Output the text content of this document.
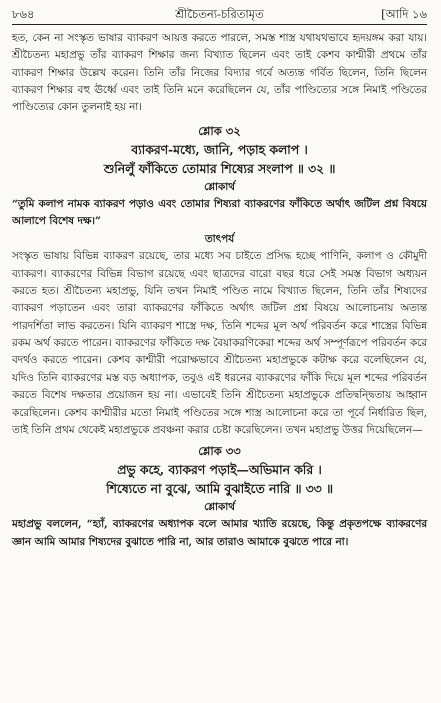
৮৬৪	শ্রীচৈতন্য-চরিতামৃত	[আদি ১৬

হত, কেন না সংস্কৃত ভাষার ব্যাকরণ আয়ত্ত করতে পারলে, সমস্ত শাস্ত্র যথাযথভাবে হৃদয়ঙ্গম করা যায়। শ্রীচৈতন্য মহাপ্রভু তাঁর ব্যাকরণ শিক্ষার জন্য বিখ্যাত ছিলেন এবং তাই কেশব কাশ্মীরী প্রথমে তাঁর ব্যাকরণ শিক্ষার উল্লেখ করেন। তিনি তাঁর নিজের বিদ্যার গর্বে অত্যন্ত গর্বিত ছিলেন, তিনি ছিলেন ব্যাকরণ শিক্ষার বহু ঊর্ধ্বে এবং তাই তিনি মনে করেছিলেন যে, তাঁর পাণ্ডিত্যের সঙ্গে নিমাই পণ্ডিতের পাণ্ডিত্যের কোন তুলনাই হয় না।

শ্লোক ৩২

ব্যাকরণ-মধ্যে, জানি, পড়াহ কলাপ ।

শুনিলুঁ ফাঁকিতে তোমার শিষ্যের সংলাপ ॥ ৩২ ॥

শ্লোকার্থ

“তুমি কলাপ নামক ব্যাকরণ পড়াও এবং তোমার শিষ্যরা ব্যাকরণের ফাঁকিতে অর্থাৎ জটিল প্রশ্ন বিষয়ে আলাপে বিশেষ দক্ষ।”

তাৎপর্য

সংস্কৃত ভাষায় বিভিন্ন ব্যাকরণ রয়েছে, তার মধ্যে সব চাইতে প্রসিদ্ধ হচ্ছে পাণিনি, কলাপ ও কৌমুদী ব্যাকরণ। ব্যাকরণের বিভিন্ন বিভাগ রয়েছে এবং ছাত্রদের বারো বছর ধরে সেই সমস্ত বিভাগ অধ্যয়ন করতে হত। শ্রীচৈতন্য মহাপ্রভু, যিনি তখন নিমাই পণ্ডিত নামে বিখ্যাত ছিলেন, তিনি তাঁর শিষ্যদের ব্যাকরণ পড়াতেন এবং তারা ব্যাকরণের ফাঁকিতে অর্থাৎ জটিল প্রশ্ন বিষয়ে আলোচনায় অত্যন্ত পারদর্শিতা লাভ করতেন। যিনি ব্যাকরণ শাস্ত্রে দক্ষ, তিনি শব্দের মূল অর্থ পরিবর্তন করে শাস্ত্রের বিভিন্ন রকম অর্থ করতে পারেন। ব্যাকরণের ফাঁকিতে দক্ষ বৈয়াকরণিকেরা শব্দের অর্থ সম্পূর্ণরূপে পরিবর্তন করে বদর্থও করতে পারেন। কেশব কাশ্মীরী পরোক্ষভাবে শ্রীচৈতন্য মহাপ্রভুকে কটাক্ষ করে বলেছিলেন যে, যদিও তিনি ব্যাকরণের মস্ত বড় অধ্যাপক, তবুও এই ধরনের ব্যাকরণের ফাঁকি দিয়ে মূল শব্দের পরিবর্তন করতে বিশেষ দক্ষতার প্রয়োজন হয় না। এভাবেই তিনি শ্রীচৈতন্য মহাপ্রভুকে প্রতিদ্বন্দ্বিতায় আহ্বান করেছিলেন। কেশব কাশ্মীরীর মতো নিমাই পণ্ডিতের সঙ্গে শাস্ত্র আলোচনা করে তা পূর্বে নির্ধারিত ছিল, তাই তিনি প্রথম থেকেই মহাপ্রভুকে প্রবঞ্চনা করার চেষ্টা করেছিলেন। তখন মহাপ্রভু উত্তর দিয়েছিলেন—

শ্লোক ৩৩

প্রভু কহে, ব্যাকরণ পড়াই—অভিমান করি ।

শিষ্যেতে না বুঝে, আমি বুঝাইতে নারি ॥ ৩৩ ॥

শ্লোকার্থ

মহাপ্রভু বললেন, “হ্যাঁ, ব্যাকরণের অধ্যাপক বলে আমার খ্যাতি রয়েছে, কিন্তু প্রকৃতপক্ষে ব্যাকরণের জ্ঞান আমি আমার শিষ্যদের বুঝাতে পারি না, আর তারাও আমাকে বুঝতে পারে না।
